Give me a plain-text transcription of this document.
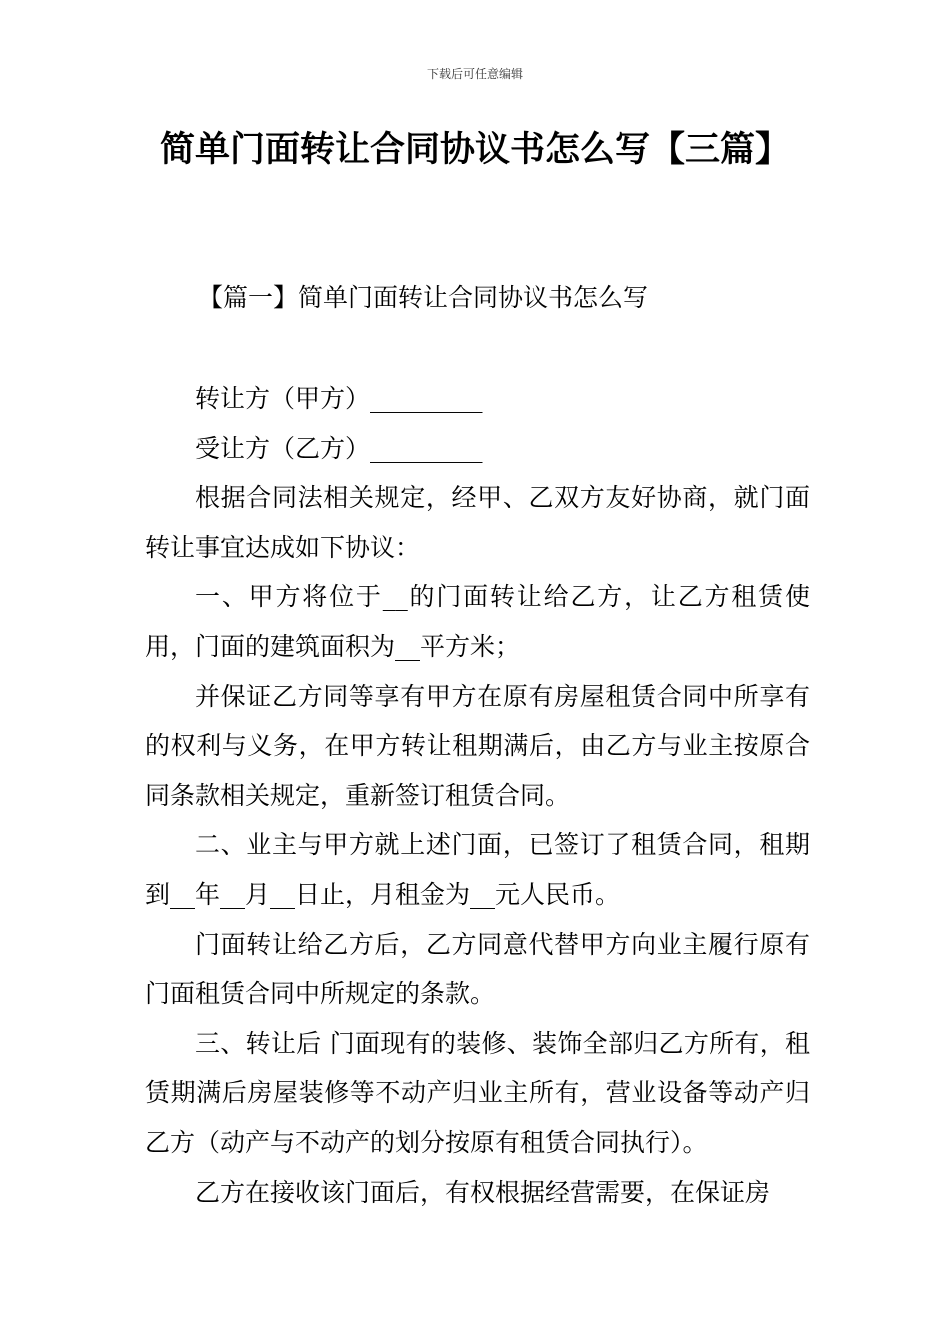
下载后可任意编辑
简单门面转让合同协议书怎么写【三篇】
【篇一】简单门面转让合同协议书怎么写

转让方（甲方）_________

受让方（乙方）_________

根据合同法相关规定，经甲、乙双方友好协商，就门面转让事宜达成如下协议：

一、甲方将位于__的门面转让给乙方，让乙方租赁使用，门面的建筑面积为__平方米；

并保证乙方同等享有甲方在原有房屋租赁合同中所享有的权利与义务，在甲方转让租期满后，由乙方与业主按原合同条款相关规定，重新签订租赁合同。

二、业主与甲方就上述门面，已签订了租赁合同，租期到__年__月__日止，月租金为__元人民币。

门面转让给乙方后，乙方同意代替甲方向业主履行原有门面租赁合同中所规定的条款。

三、转让后 门面现有的装修、装饰全部归乙方所有，租赁期满后房屋装修等不动产归业主所有，营业设备等动产归乙方（动产与不动产的划分按原有租赁合同执行）。

乙方在接收该门面后，有权根据经营需要，在保证房
